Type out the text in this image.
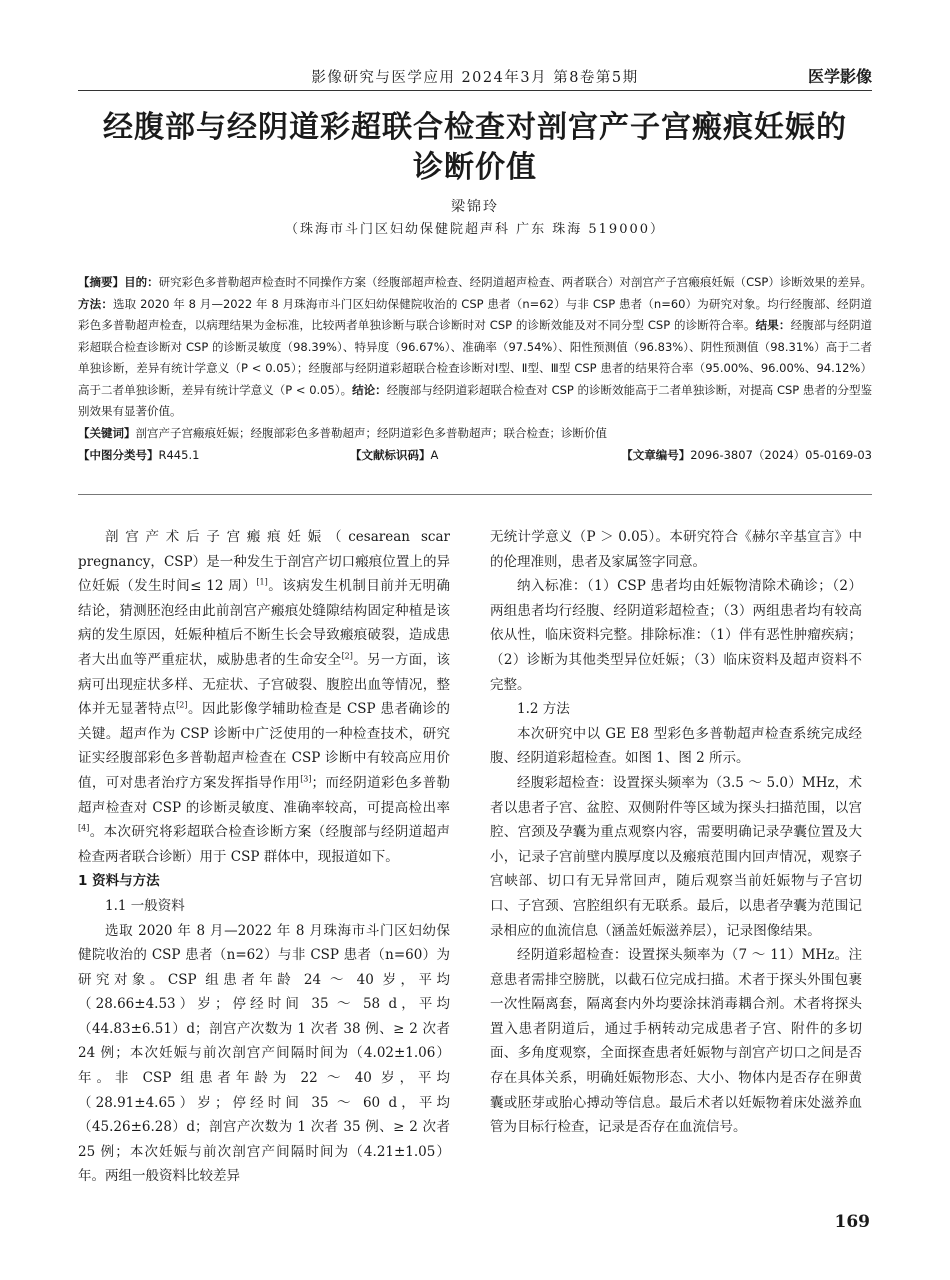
影像研究与医学应用 2024年3月 第8卷第5期	医学影像
经腹部与经阴道彩超联合检查对剖宫产子宫瘢痕妊娠的
诊断价值
梁锦玲
（珠海市斗门区妇幼保健院超声科 广东 珠海 519000）

【摘要】目的：研究彩色多普勒超声检查时不同操作方案（经腹部超声检查、经阴道超声检查、两者联合）对剖宫产子宫瘢痕妊娠（CSP）诊断效果的差异。方法：选取 2020 年 8 月—2022 年 8 月珠海市斗门区妇幼保健院收治的 CSP 患者（n=62）与非 CSP 患者（n=60）为研究对象。均行经腹部、经阴道彩色多普勒超声检查，以病理结果为金标准，比较两者单独诊断与联合诊断时对 CSP 的诊断效能及对不同分型 CSP 的诊断符合率。结果：经腹部与经阴道彩超联合检查诊断对 CSP 的诊断灵敏度（98.39%）、特异度（96.67%）、准确率（97.54%）、阳性预测值（96.83%）、阴性预测值（98.31%）高于二者单独诊断，差异有统计学意义（P < 0.05）；经腹部与经阴道彩超联合检查诊断对Ⅰ型、Ⅱ型、Ⅲ型 CSP 患者的结果符合率（95.00%、96.00%、94.12%）高于二者单独诊断，差异有统计学意义（P < 0.05）。结论：经腹部与经阴道彩超联合检查对 CSP 的诊断效能高于二者单独诊断，对提高 CSP 患者的分型鉴别效果有显著价值。

【关键词】剖宫产子宫瘢痕妊娠；经腹部彩色多普勒超声；经阴道彩色多普勒超声；联合检查；诊断价值

【中图分类号】R445.1	【文献标识码】A	【文章编号】2096-3807（2024）05-0169-03

剖宫产术后子宫瘢痕妊娠（cesarean scar pregnancy，CSP）是一种发生于剖宫产切口瘢痕位置上的异位妊娠（发生时间≤ 12 周）[1]。该病发生机制目前并无明确结论，猜测胚泡经由此前剖宫产瘢痕处缝隙结构固定种植是该病的发生原因，妊娠种植后不断生长会导致瘢痕破裂，造成患者大出血等严重症状，威胁患者的生命安全[2]。另一方面，该病可出现症状多样、无症状、子宫破裂、腹腔出血等情况，整体并无显著特点[2]。因此影像学辅助检查是 CSP 患者确诊的关键。超声作为 CSP 诊断中广泛使用的一种检查技术，研究证实经腹部彩色多普勒超声检查在 CSP 诊断中有较高应用价值，可对患者治疗方案发挥指导作用[3]；而经阴道彩色多普勒超声检查对 CSP 的诊断灵敏度、准确率较高，可提高检出率[4]。本次研究将彩超联合检查诊断方案（经腹部与经阴道超声检查两者联合诊断）用于 CSP 群体中，现报道如下。

1 资料与方法

1.1 一般资料

选取 2020 年 8 月—2022 年 8 月珠海市斗门区妇幼保健院收治的 CSP 患者（n=62）与非 CSP 患者（n=60）为研究对象。CSP 组患者年龄 24 ～ 40 岁，平均（28.66±4.53）岁；停经时间 35 ～ 58 d，平均（44.83±6.51）d；剖宫产次数为 1 次者 38 例、≥ 2 次者 24 例；本次妊娠与前次剖宫产间隔时间为（4.02±1.06）年。非 CSP 组患者年龄为 22 ～ 40 岁，平均（28.91±4.65）岁；停经时间 35 ～ 60 d，平均（45.26±6.28）d；剖宫产次数为 1 次者 35 例、≥ 2 次者 25 例；本次妊娠与前次剖宫产间隔时间为（4.21±1.05）年。两组一般资料比较差异

无统计学意义（P ＞ 0.05）。本研究符合《赫尔辛基宣言》中的伦理准则，患者及家属签字同意。

纳入标准：（1）CSP 患者均由妊娠物清除术确诊；（2）两组患者均行经腹、经阴道彩超检查；（3）两组患者均有较高依从性，临床资料完整。排除标准：（1）伴有恶性肿瘤疾病；（2）诊断为其他类型异位妊娠；（3）临床资料及超声资料不完整。

1.2 方法

本次研究中以 GE E8 型彩色多普勒超声检查系统完成经腹、经阴道彩超检查。如图 1、图 2 所示。

经腹彩超检查：设置探头频率为（3.5 ～ 5.0）MHz，术者以患者子宫、盆腔、双侧附件等区域为探头扫描范围，以宫腔、宫颈及孕囊为重点观察内容，需要明确记录孕囊位置及大小，记录子宫前壁内膜厚度以及瘢痕范围内回声情况，观察子宫峡部、切口有无异常回声，随后观察当前妊娠物与子宫切口、子宫颈、宫腔组织有无联系。最后，以患者孕囊为范围记录相应的血流信息（涵盖妊娠滋养层），记录图像结果。

经阴道彩超检查：设置探头频率为（7 ～ 11）MHz。注意患者需排空膀胱，以截石位完成扫描。术者于探头外围包裹一次性隔离套，隔离套内外均要涂抹消毒耦合剂。术者将探头置入患者阴道后，通过手柄转动完成患者子宫、附件的多切面、多角度观察，全面探查患者妊娠物与剖宫产切口之间是否存在具体关系，明确妊娠物形态、大小、物体内是否存在卵黄囊或胚芽或胎心搏动等信息。最后术者以妊娠物着床处滋养血管为目标行检查，记录是否存在血流信号。

169
